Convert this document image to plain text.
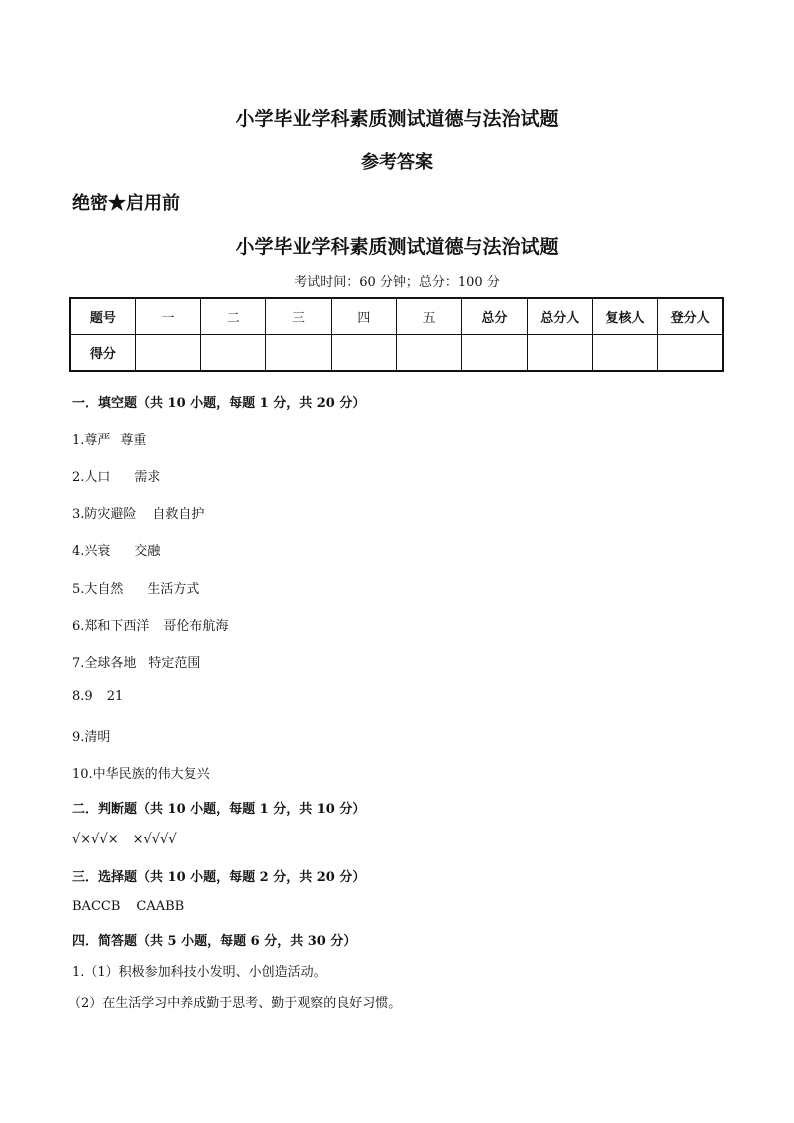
小学毕业学科素质测试道德与法治试题
参考答案
绝密★启用前
小学毕业学科素质测试道德与法治试题
考试时间：60 分钟；总分：100 分
题号	一	二	三	四	五	总分	总分人	复核人	登分人
得分									
一．填空题（共 10 小题，每题 1 分，共 20 分）
1.尊严 尊重
2.人口 需求
3.防灾避险 自救自护
4.兴衰 交融
5.大自然 生活方式
6.郑和下西洋 哥伦布航海
7.全球各地 特定范围
8.9 21
9.清明
10.中华民族的伟大复兴
二．判断题（共 10 小题，每题 1 分，共 10 分）
√×√√× ×√√√√
三．选择题（共 10 小题，每题 2 分，共 20 分）
BACCB CAABB
四．简答题（共 5 小题，每题 6 分，共 30 分）
1.（1）积极参加科技小发明、小创造活动。
（2）在生活学习中养成勤于思考、勤于观察的良好习惯。
